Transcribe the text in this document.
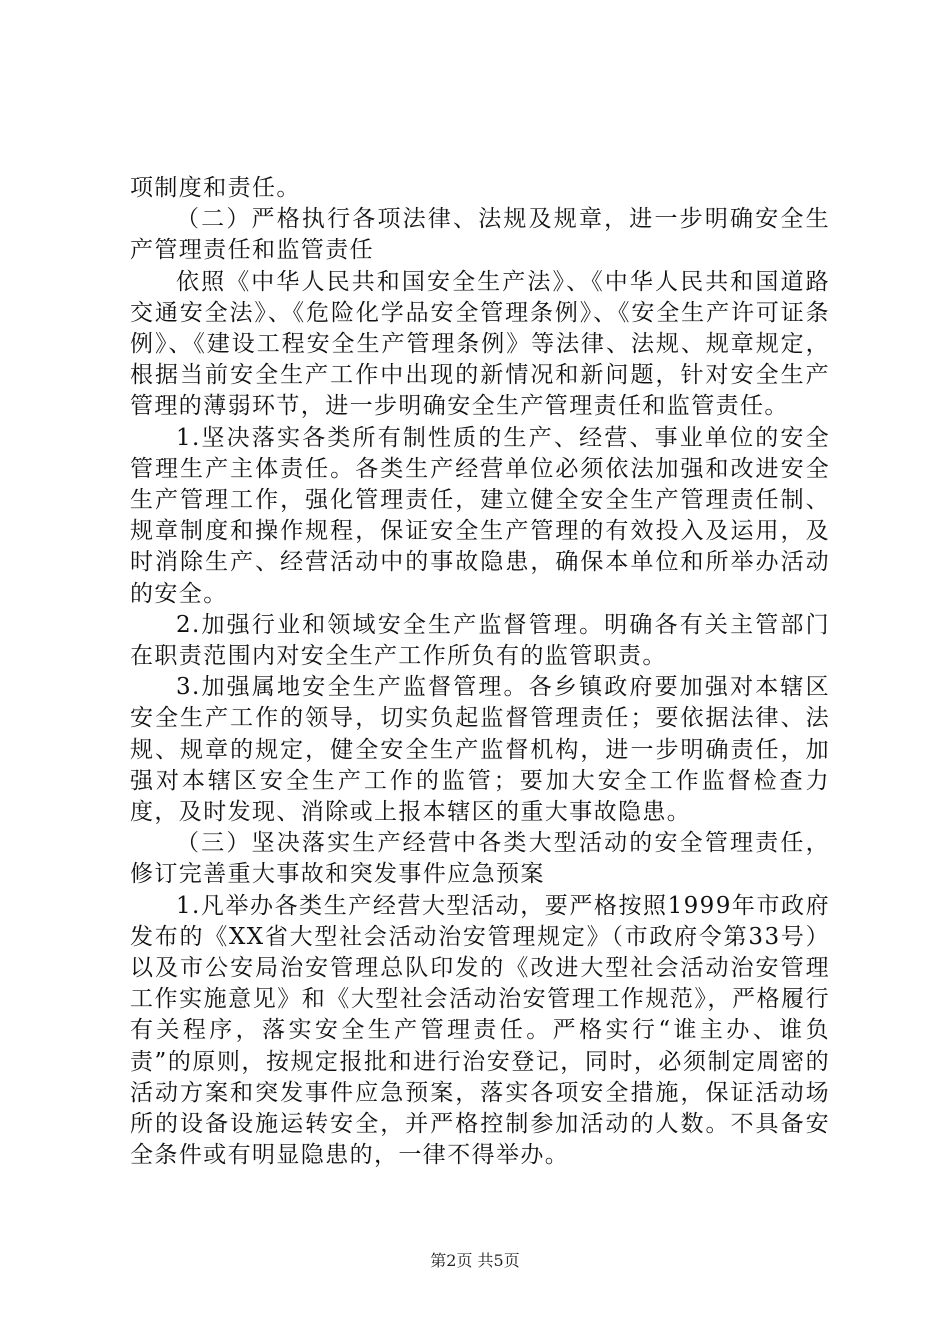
项制度和责任。

（二）严格执行各项法律、法规及规章，进一步明确安全生产管理责任和监管责任

依照《中华人民共和国安全生产法》、《中华人民共和国道路交通安全法》、《危险化学品安全管理条例》、《安全生产许可证条例》、《建设工程安全生产管理条例》等法律、法规、规章规定，根据当前安全生产工作中出现的新情况和新问题，针对安全生产管理的薄弱环节，进一步明确安全生产管理责任和监管责任。

1.坚决落实各类所有制性质的生产、经营、事业单位的安全管理生产主体责任。各类生产经营单位必须依法加强和改进安全生产管理工作，强化管理责任，建立健全安全生产管理责任制、规章制度和操作规程，保证安全生产管理的有效投入及运用，及时消除生产、经营活动中的事故隐患，确保本单位和所举办活动的安全。

2.加强行业和领域安全生产监督管理。明确各有关主管部门在职责范围内对安全生产工作所负有的监管职责。

3.加强属地安全生产监督管理。各乡镇政府要加强对本辖区安全生产工作的领导，切实负起监督管理责任；要依据法律、法规、规章的规定，健全安全生产监督机构，进一步明确责任，加强对本辖区安全生产工作的监管；要加大安全工作监督检查力度，及时发现、消除或上报本辖区的重大事故隐患。

（三）坚决落实生产经营中各类大型活动的安全管理责任，修订完善重大事故和突发事件应急预案

1.凡举办各类生产经营大型活动，要严格按照1999年市政府发布的《XX省大型社会活动治安管理规定》（市政府令第33号）以及市公安局治安管理总队印发的《改进大型社会活动治安管理工作实施意见》和《大型社会活动治安管理工作规范》，严格履行有关程序，落实安全生产管理责任。严格实行“谁主办、谁负责”的原则，按规定报批和进行治安登记，同时，必须制定周密的活动方案和突发事件应急预案，落实各项安全措施，保证活动场所的设备设施运转安全，并严格控制参加活动的人数。不具备安全条件或有明显隐患的，一律不得举办。

第2页 共5页
